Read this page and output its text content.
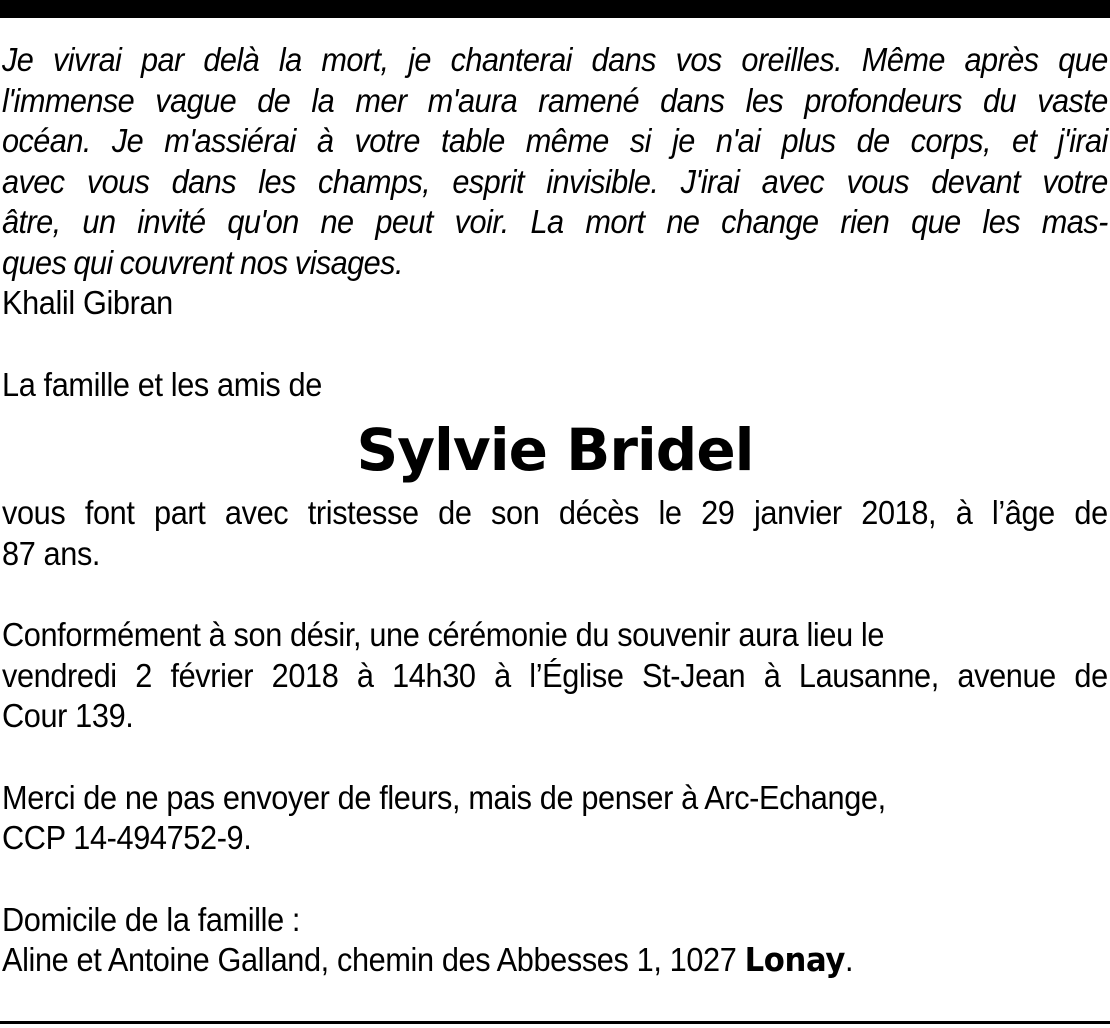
Je vivrai par delà la mort, je chanterai dans vos oreilles. Même après que
l'immense vague de la mer m'aura ramené dans les profondeurs du vaste
océan. Je m'assiérai à votre table même si je n'ai plus de corps, et j'irai
avec vous dans les champs, esprit invisible. J'irai avec vous devant votre
âtre, un invité qu'on ne peut voir. La mort ne change rien que les mas-
ques qui couvrent nos visages.

Khalil Gibran

La famille et les amis de

Sylvie Bridel

vous font part avec tristesse de son décès le 29 janvier 2018, à l’âge de
87 ans.

Conformément à son désir, une cérémonie du souvenir aura lieu le
vendredi 2 février 2018 à 14h30 à l’Église St-Jean à Lausanne, avenue de
Cour 139.

Merci de ne pas envoyer de fleurs, mais de penser à Arc-Echange,
CCP 14-494752-9.

Domicile de la famille :
Aline et Antoine Galland, chemin des Abbesses 1, 1027 Lonay.
